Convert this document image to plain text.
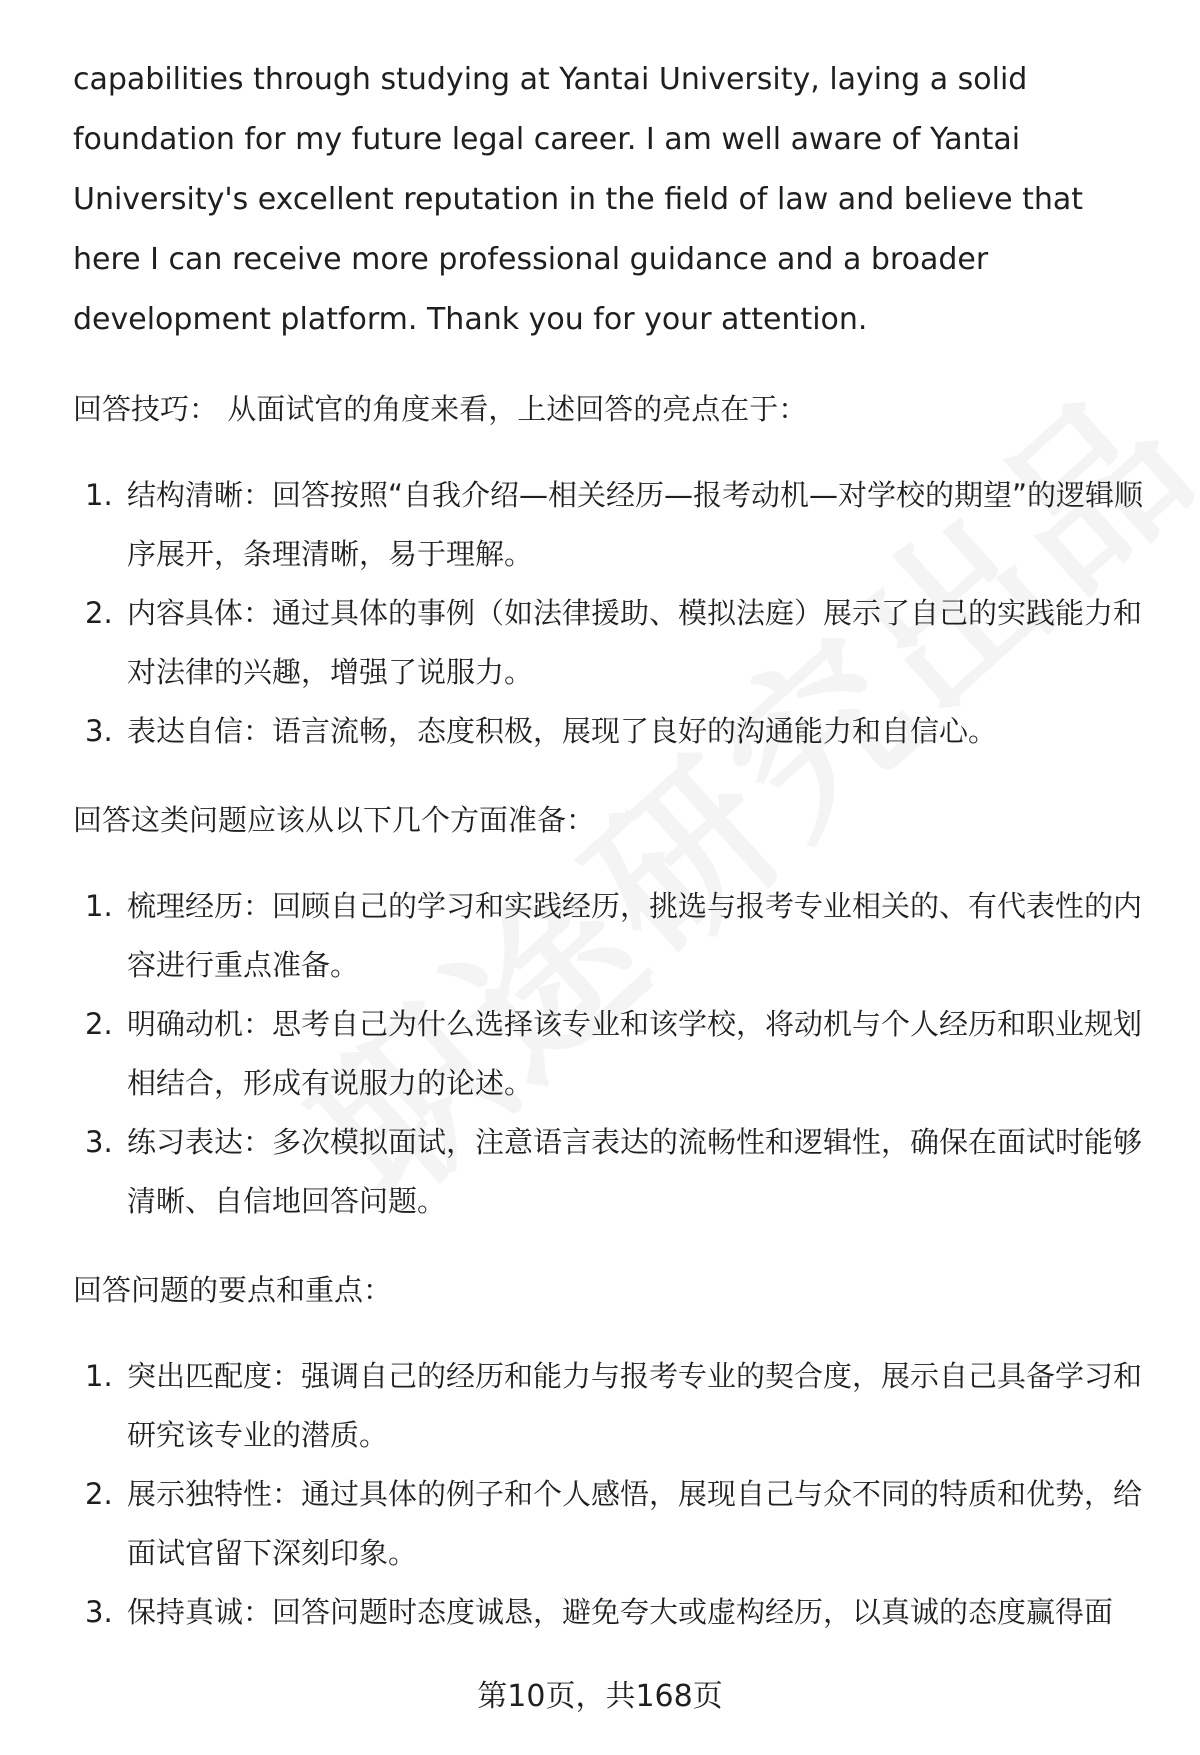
capabilities through studying at Yantai University, laying a solid foundation for my future legal career. I am well aware of Yantai University's excellent reputation in the field of law and believe that here I can receive more professional guidance and a broader development platform. Thank you for your attention.

回答技巧： 从面试官的角度来看，上述回答的亮点在于：
1. 结构清晰：回答按照“自我介绍—相关经历—报考动机—对学校的期望”的逻辑顺序展开，条理清晰，易于理解。
2. 内容具体：通过具体的事例（如法律援助、模拟法庭）展示了自己的实践能力和对法律的兴趣，增强了说服力。
3. 表达自信：语言流畅，态度积极，展现了良好的沟通能力和自信心。
回答这类问题应该从以下几个方面准备：
1. 梳理经历：回顾自己的学习和实践经历，挑选与报考专业相关的、有代表性的内容进行重点准备。
2. 明确动机：思考自己为什么选择该专业和该学校，将动机与个人经历和职业规划相结合，形成有说服力的论述。
3. 练习表达：多次模拟面试，注意语言表达的流畅性和逻辑性，确保在面试时能够清晰、自信地回答问题。
回答问题的要点和重点：
1. 突出匹配度：强调自己的经历和能力与报考专业的契合度，展示自己具备学习和研究该专业的潜质。
2. 展示独特性：通过具体的例子和个人感悟，展现自己与众不同的特质和优势，给面试官留下深刻印象。
3. 保持真诚：回答问题时态度诚恳，避免夸大或虚构经历，以真诚的态度赢得面
第10页，共168页
